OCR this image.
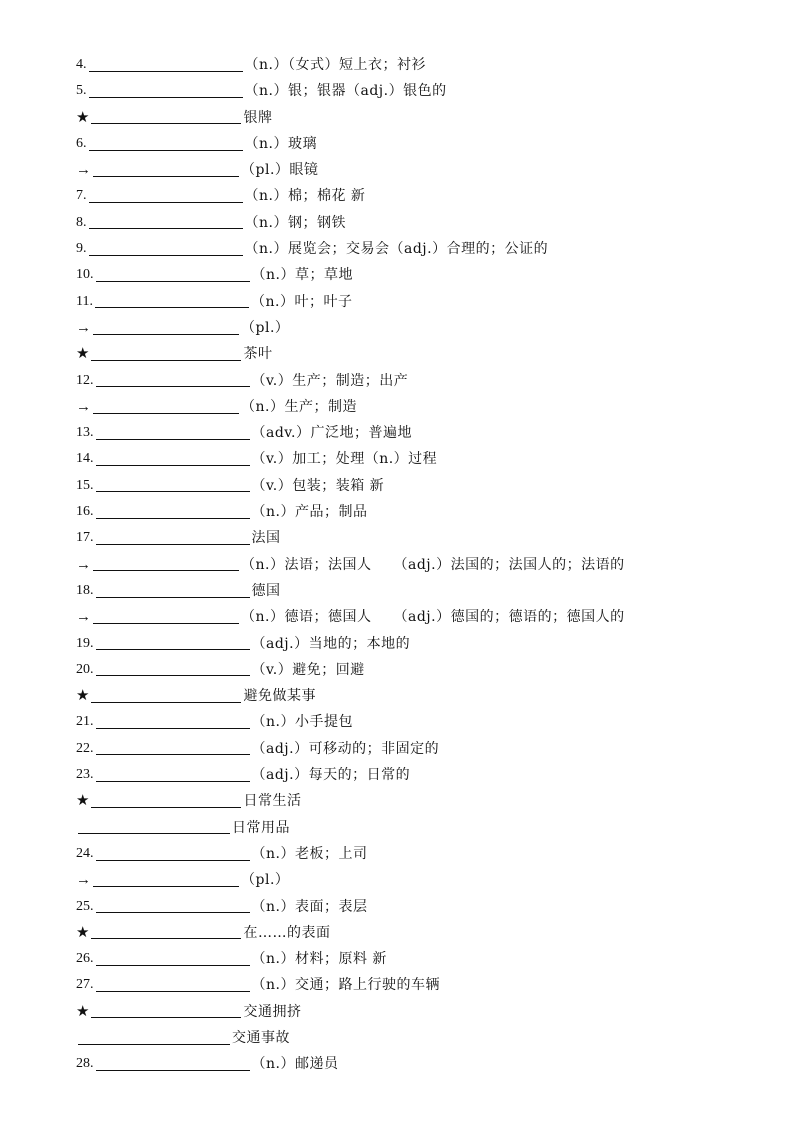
4.	（n.）（女式）短上衣；衬衫
5.	（n.）银；银器（adj.）银色的
★	银牌
6.	（n.）玻璃
→	（pl.）眼镜
7.	（n.）棉；棉花 新
8.	（n.）钢；钢铁
9.	（n.）展览会；交易会（adj.）合理的；公证的
10.	（n.）草；草地
11.	（n.）叶；叶子
→	（pl.）
★	茶叶
12.	（v.）生产；制造；出产
→	（n.）生产；制造
13.	（adv.）广泛地；普遍地
14.	（v.）加工；处理（n.）过程
15.	（v.）包装；装箱 新
16.	（n.）产品；制品
17.	法国
→	（n.）法语；法国人　　（adj.）法国的；法国人的；法语的
18.	德国
→	（n.）德语；德国人　　（adj.）德国的；德语的；德国人的
19.	（adj.）当地的；本地的
20.	（v.）避免；回避
★	避免做某事
21.	（n.）小手提包
22.	（adj.）可移动的；非固定的
23.	（adj.）每天的；日常的
★	日常生活
日常用品
24.	（n.）老板；上司
→	（pl.）
25.	（n.）表面；表层
★	在……的表面
26.	（n.）材料；原料 新
27.	（n.）交通；路上行驶的车辆
★	交通拥挤
交通事故
28.	（n.）邮递员
